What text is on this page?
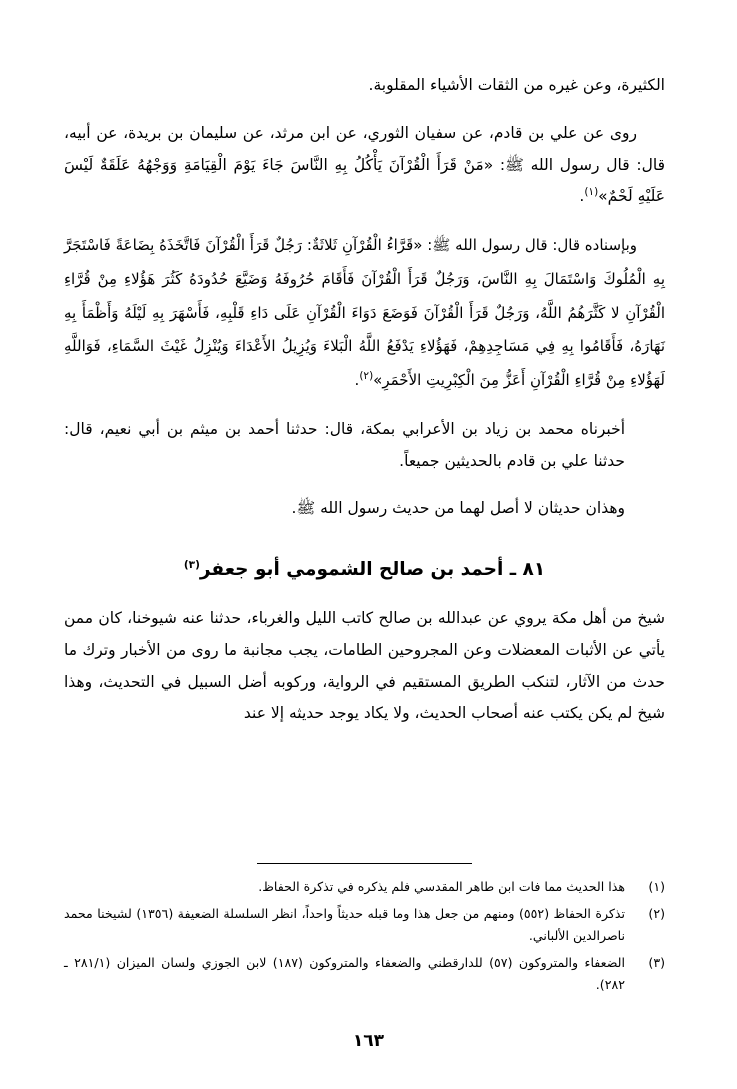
الكثيرة، وعن غيره من الثقات الأشياء المقلوبة.

روى عن علي بن قادم، عن سفيان الثوري، عن ابن مرثد، عن سليمان بن بريدة، عن أبيه، قال: قال رسول الله ﷺ: «مَنْ قَرَأَ الْقُرْآنَ يَأْكُلُ بِهِ النَّاسَ جَاءَ يَوْمَ الْقِيَامَةِ وَوَجْهُهُ عَلَقَةٌ لَيْسَ عَلَيْهِ لَحْمٌ»$^{(١)}$.

وبإسناده قال: قال رسول الله ﷺ: «قَرَّاءُ الْقُرْآنِ ثَلاثَةٌ: رَجُلٌ قَرَأَ الْقُرْآنَ فَاتَّخَذَهُ بِضَاعَةً فَاسْتَجَرَّ بِهِ الْمُلُوكَ وَاسْتَمَالَ بِهِ النَّاسَ، وَرَجُلٌ قَرَأَ الْقُرْآنَ فَأَقَامَ حُرُوفَهُ وَضَيَّعَ حُدُودَهُ كَثُرَ هَؤُلاءِ مِنْ قُرَّاءِ الْقُرْآنِ لا كَثَّرَهُمُ اللَّهُ، وَرَجُلٌ قَرَأَ الْقُرْآنَ فَوَضَعَ دَوَاءَ الْقُرْآنِ عَلَى دَاءِ قَلْبِهِ، فَأَسْهَرَ بِهِ لَيْلَهُ وَأَظْمَأَ بِهِ نَهَارَهُ، فَأَقَامُوا بِهِ فِي مَسَاجِدِهِمْ، فَهَؤُلاءِ يَدْفَعُ اللَّهُ الْبَلاءَ وَيُزِيلُ الأَعْدَاءَ وَيُنْزِلُ غَيْثَ السَّمَاءِ، فَوَاللَّهِ لَهَؤُلاءِ مِنْ قُرَّاءِ الْقُرْآنِ أَعَزُّ مِنَ الْكِبْرِيتِ الأَحْمَرِ»$^{(٢)}$.

أخبرناه محمد بن زياد بن الأعرابي بمكة، قال: حدثنا أحمد بن ميثم بن أبي نعيم، قال: حدثنا علي بن قادم بالحديثين جميعاً.

وهذان حديثان لا أصل لهما من حديث رسول الله ﷺ.

٨١ ـ أحمد بن صالح الشمومي أبو جعفر$^{(٣)}$

شيخ من أهل مكة يروي عن عبدالله بن صالح كاتب الليل والغرباء، حدثنا عنه شيوخنا، كان ممن يأتي عن الأثبات المعضلات وعن المجروحين الطامات، يجب مجانبة ما روى من الأخبار وترك ما حدث من الآثار، لتنكب الطريق المستقيم في الرواية، وركوبه أضل السبيل في التحديث، وهذا شيخ لم يكن يكتب عنه أصحاب الحديث، ولا يكاد يوجد حديثه إلا عند

(١)
هذا الحديث مما فات ابن طاهر المقدسي فلم يذكره في تذكرة الحفاظ.
(٢)
تذكرة الحفاظ (٥٥٢) ومنهم من جعل هذا وما قبله حديثاً واحداً، انظر السلسلة الضعيفة (١٣٥٦) لشيخنا محمد ناصرالدين الألباني.
(٣)
الضعفاء والمتروكون (٥٧) للدارقطني والضعفاء والمتروكون (١٨٧) لابن الجوزي ولسان الميزان (٢٨١/١ ـ ٢٨٢).
١٦٣
